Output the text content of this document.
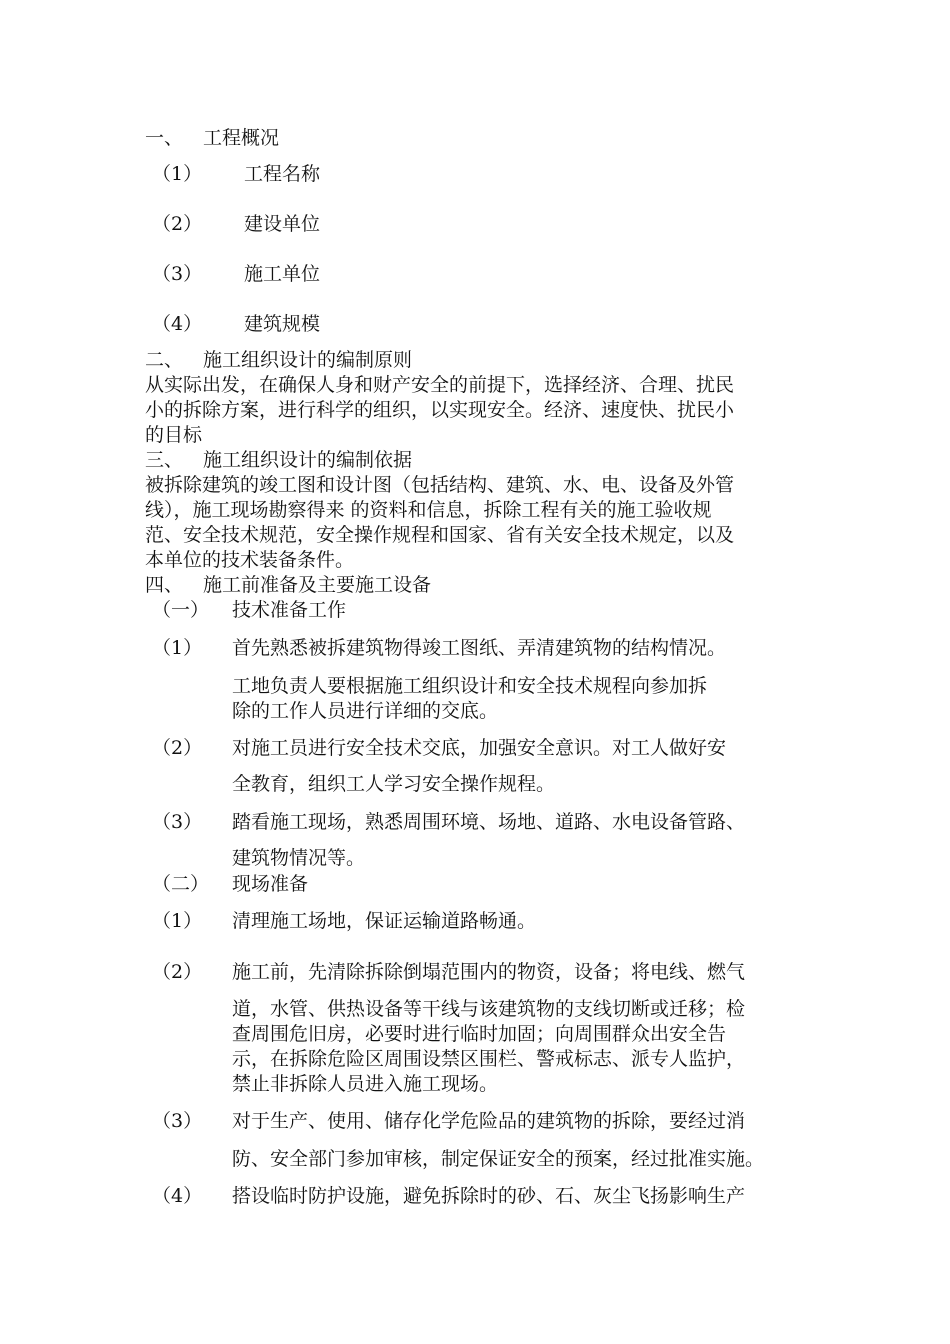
一、 工程概况
（1） 工程名称
（2） 建设单位
（3） 施工单位
（4） 建筑规模
二、 施工组织设计的编制原则
从实际出发，在确保人身和财产安全的前提下，选择经济、合理、扰民
小的拆除方案，进行科学的组织，以实现安全。经济、速度快、扰民小
的目标
三、 施工组织设计的编制依据
被拆除建筑的竣工图和设计图（包括结构、建筑、水、电、设备及外管
线），施工现场勘察得来 的资料和信息，拆除工程有关的施工验收规
范、安全技术规范，安全操作规程和国家、省有关安全技术规定，以及
本单位的技术装备条件。
四、 施工前准备及主要施工设备
（一） 技术准备工作
（1） 首先熟悉被拆建筑物得竣工图纸、弄清建筑物的结构情况。
工地负责人要根据施工组织设计和安全技术规程向参加拆
除的工作人员进行详细的交底。
（2） 对施工员进行安全技术交底，加强安全意识。对工人做好安
全教育，组织工人学习安全操作规程。
（3） 踏看施工现场，熟悉周围环境、场地、道路、水电设备管路、
建筑物情况等。
（二） 现场准备
（1） 清理施工场地，保证运输道路畅通。
（2） 施工前，先清除拆除倒塌范围内的物资，设备；将电线、燃气
道，水管、供热设备等干线与该建筑物的支线切断或迁移；检
查周围危旧房，必要时进行临时加固；向周围群众出安全告
示，在拆除危险区周围设禁区围栏、警戒标志、派专人监护，
禁止非拆除人员进入施工现场。
（3） 对于生产、使用、储存化学危险品的建筑物的拆除，要经过消
防、安全部门参加审核，制定保证安全的预案，经过批准实施。
（4） 搭设临时防护设施，避免拆除时的砂、石、灰尘飞扬影响生产
